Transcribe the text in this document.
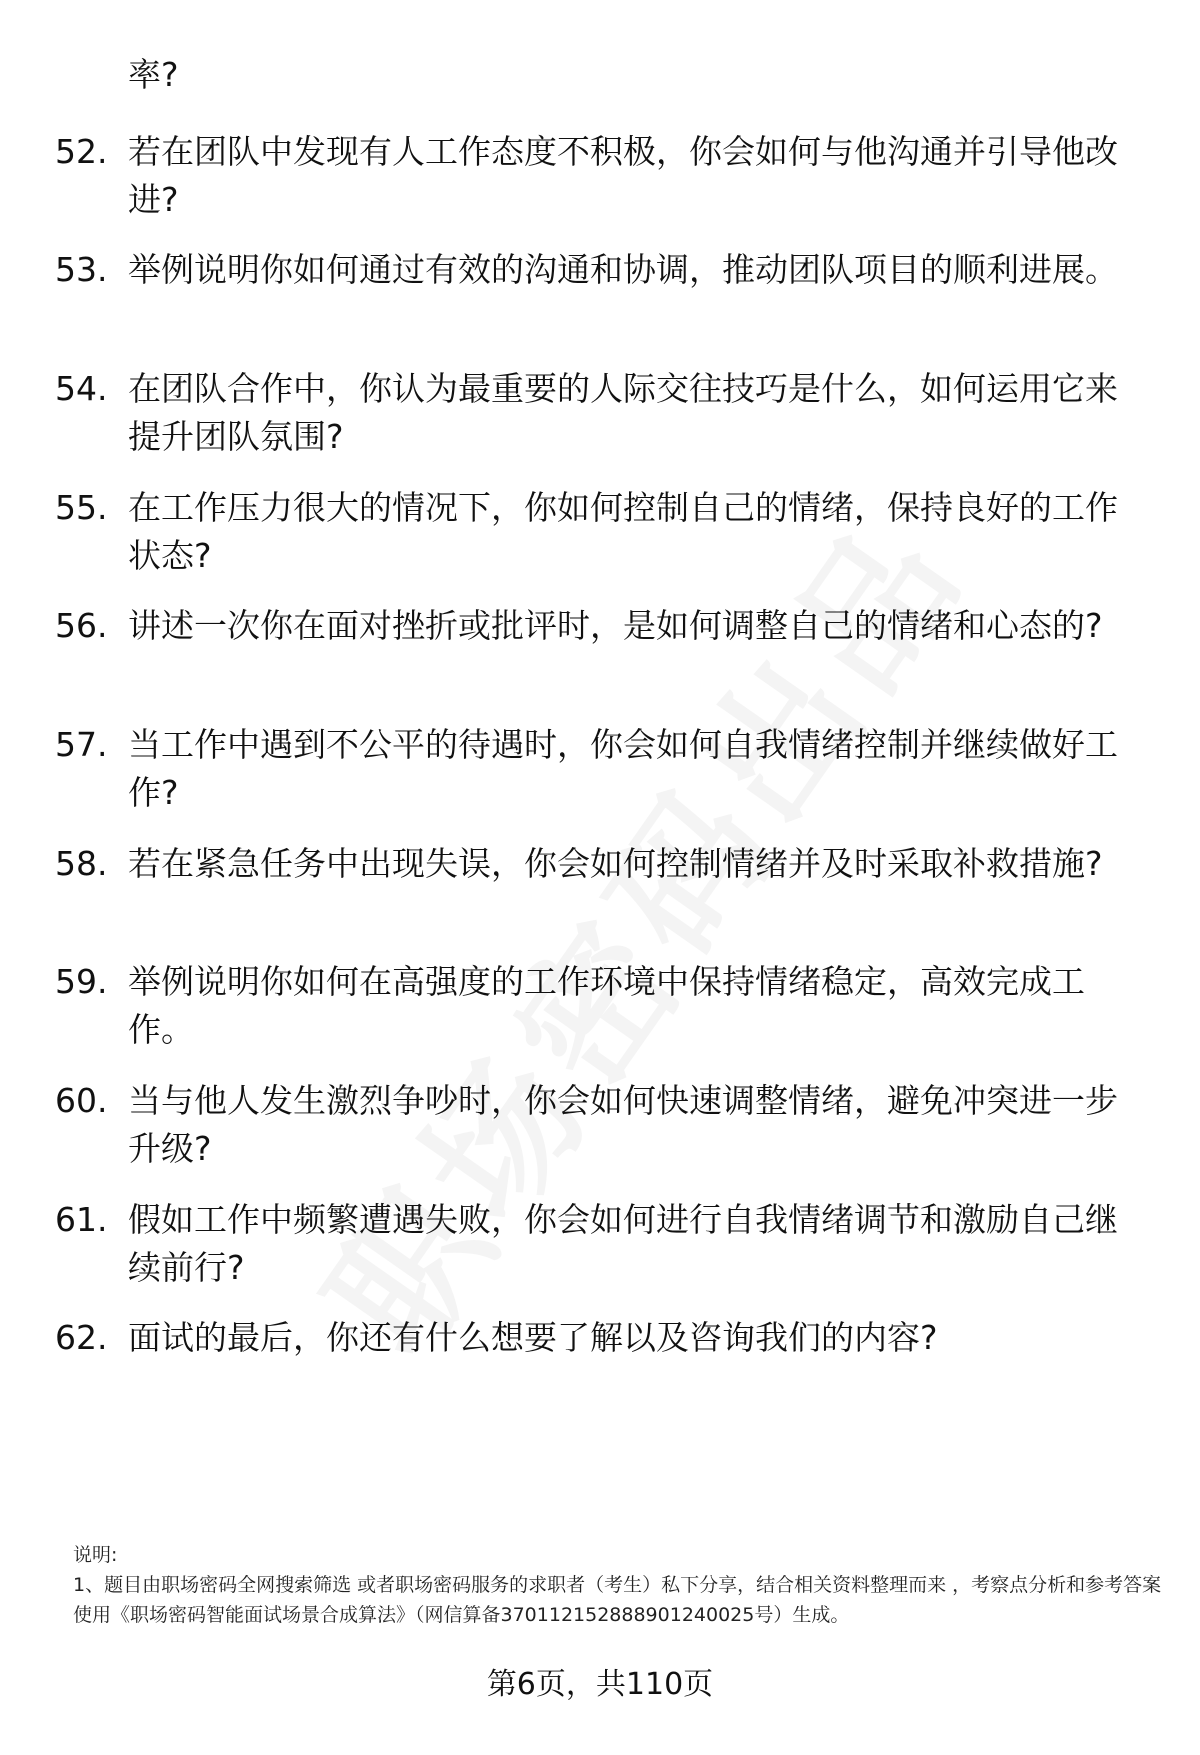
率?
52. 若在团队中发现有人工作态度不积极，你会如何与他沟通并引导他改进?
53. 举例说明你如何通过有效的沟通和协调，推动团队项目的顺利进展。
54. 在团队合作中，你认为最重要的人际交往技巧是什么，如何运用它来提升团队氛围?
55. 在工作压力很大的情况下，你如何控制自己的情绪，保持良好的工作状态?
56. 讲述一次你在面对挫折或批评时，是如何调整自己的情绪和心态的?
57. 当工作中遇到不公平的待遇时，你会如何自我情绪控制并继续做好工作?
58. 若在紧急任务中出现失误，你会如何控制情绪并及时采取补救措施?
59. 举例说明你如何在高强度的工作环境中保持情绪稳定，高效完成工作。
60. 当与他人发生激烈争吵时，你会如何快速调整情绪，避免冲突进一步升级?
61. 假如工作中频繁遭遇失败，你会如何进行自我情绪调节和激励自己继续前行?
62. 面试的最后，你还有什么想要了解以及咨询我们的内容?

说明:

1、题目由职场密码全网搜索筛选 或者职场密码服务的求职者（考生）私下分享，结合相关资料整理而来 ，考察点分析和参考答案使用《职场密码智能面试场景合成算法》（网信算备370112152888901240025号）生成。

第6页，共110页
